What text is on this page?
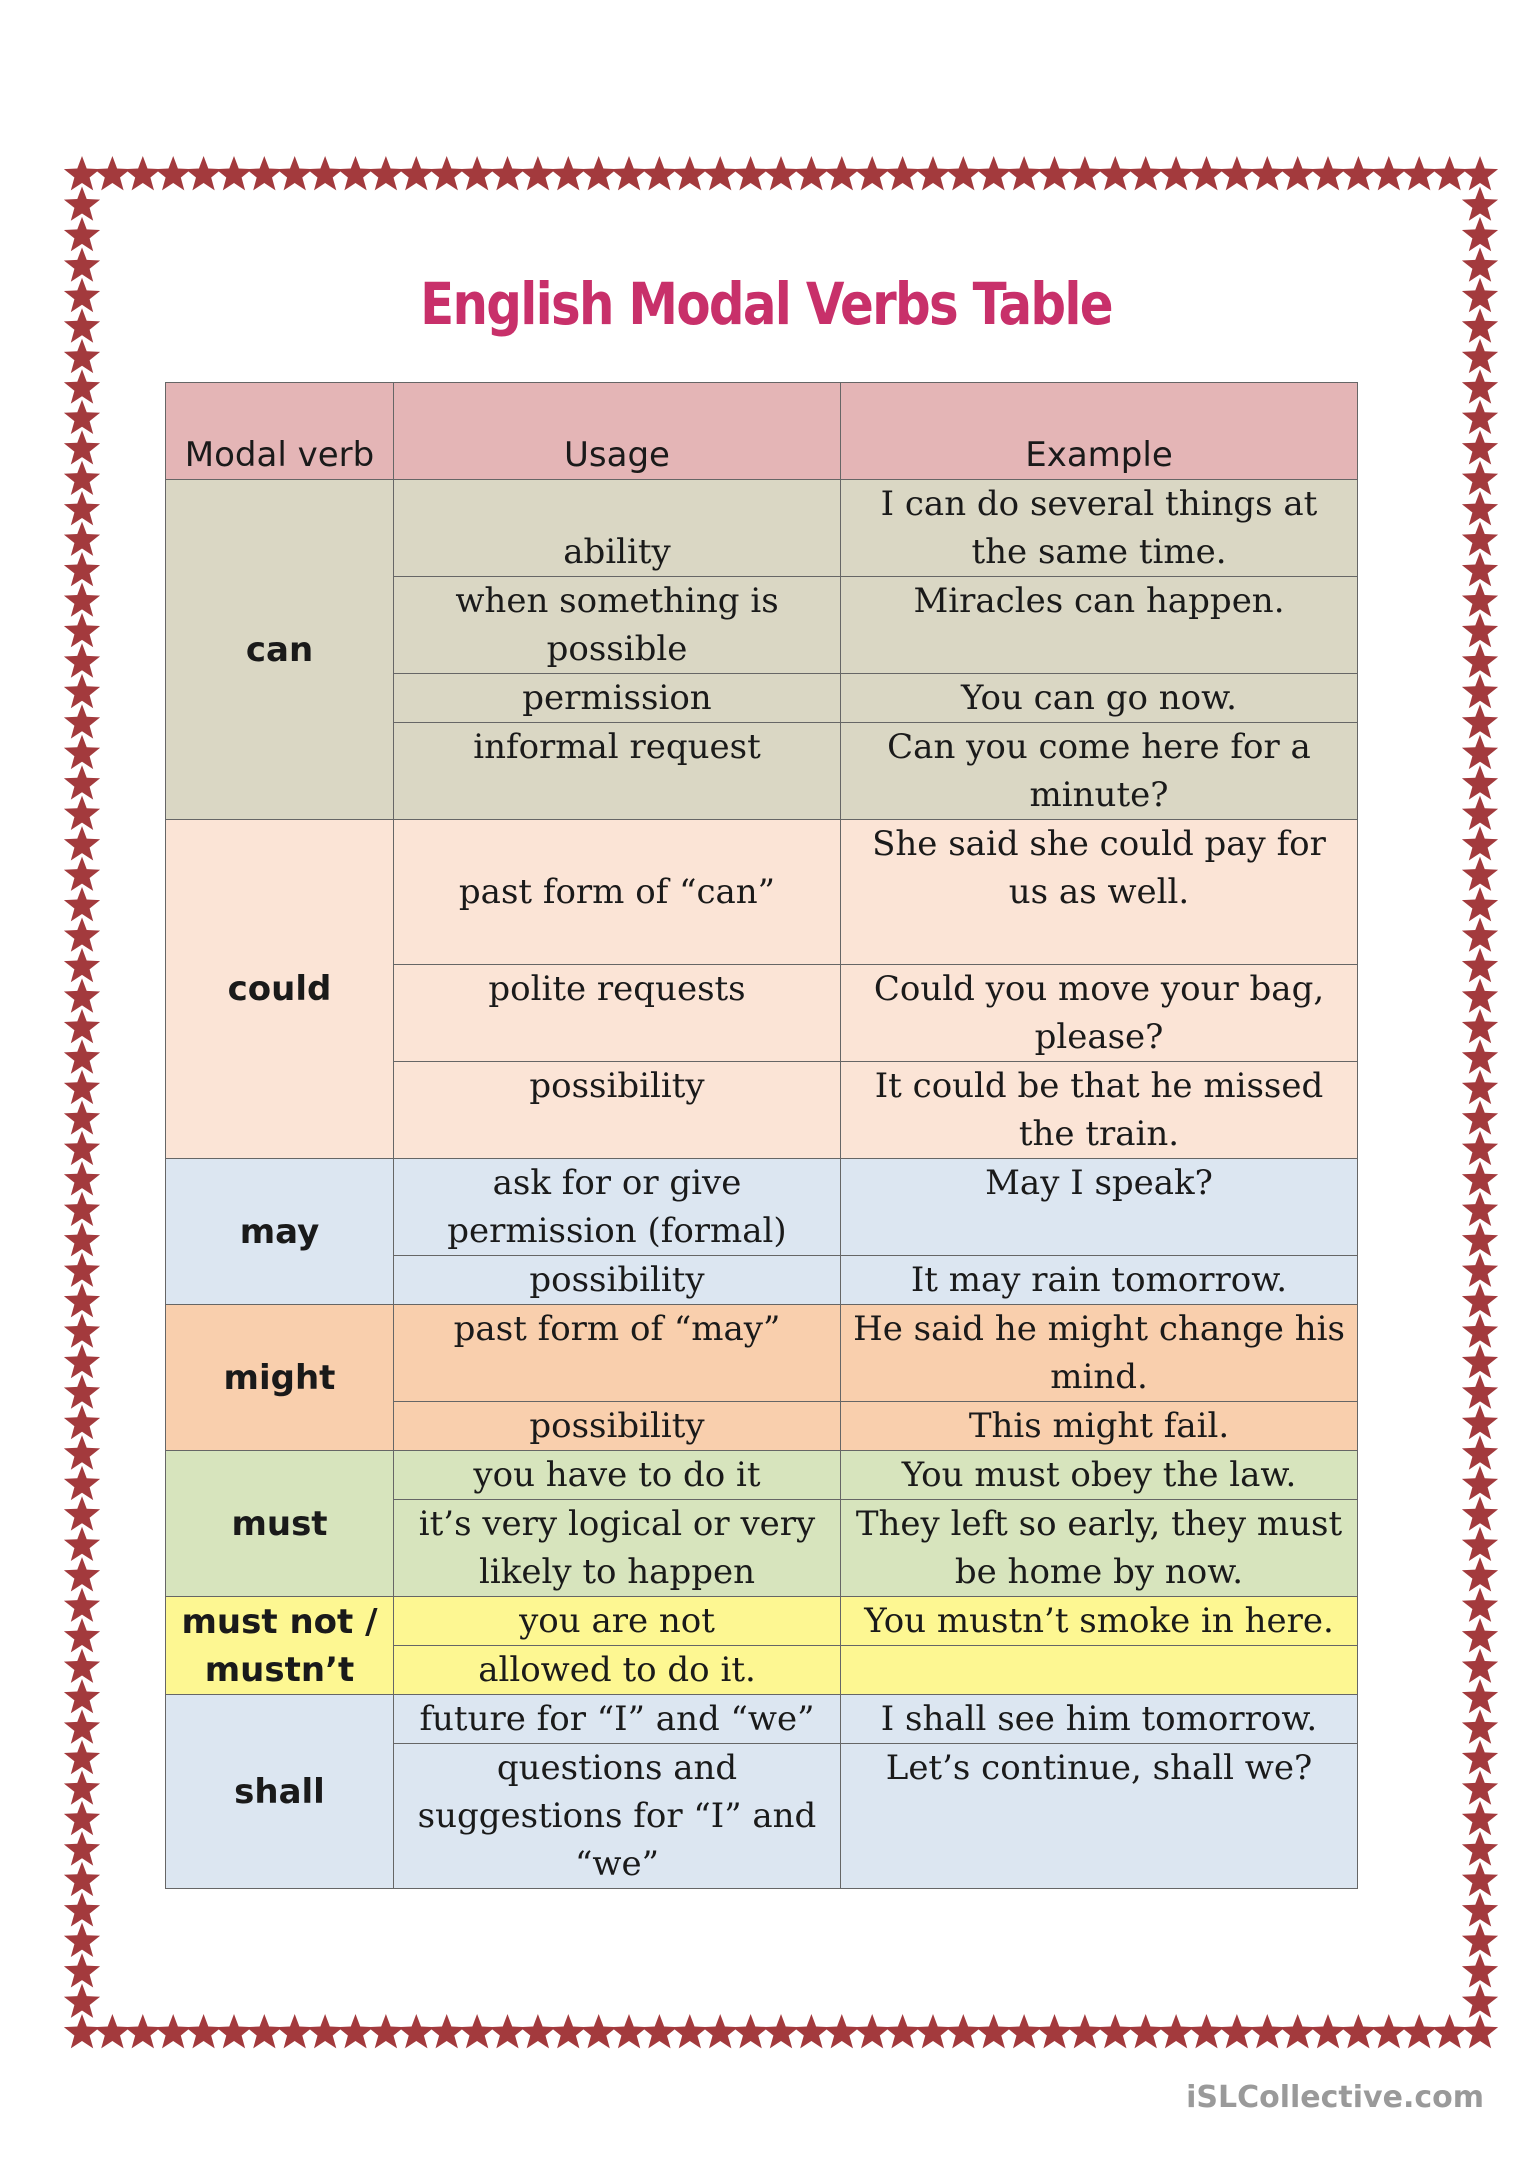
English Modal Verbs Table
Modal verb	Usage	Example
can	ability	I can do several things at the same time.
	when something is possible	Miracles can happen.
	permission	You can go now.
	informal request	Can you come here for a minute?
could	past form of “can”	She said she could pay for us as well.
	polite requests	Could you move your bag, please?
	possibility	It could be that he missed the train.
may	ask for or give permission (formal)	May I speak?
	possibility	It may rain tomorrow.
might	past form of “may”	He said he might change his mind.
	possibility	This might fail.
must	you have to do it	You must obey the law.
	it’s very logical or very likely to happen	They left so early, they must be home by now.
must not / mustn’t	you are not	You mustn’t smoke in here.
	allowed to do it.	
shall	future for “I” and “we”	I shall see him tomorrow.
	questions and suggestions for “I” and “we”	Let’s continue, shall we?
iSLCollective.com
